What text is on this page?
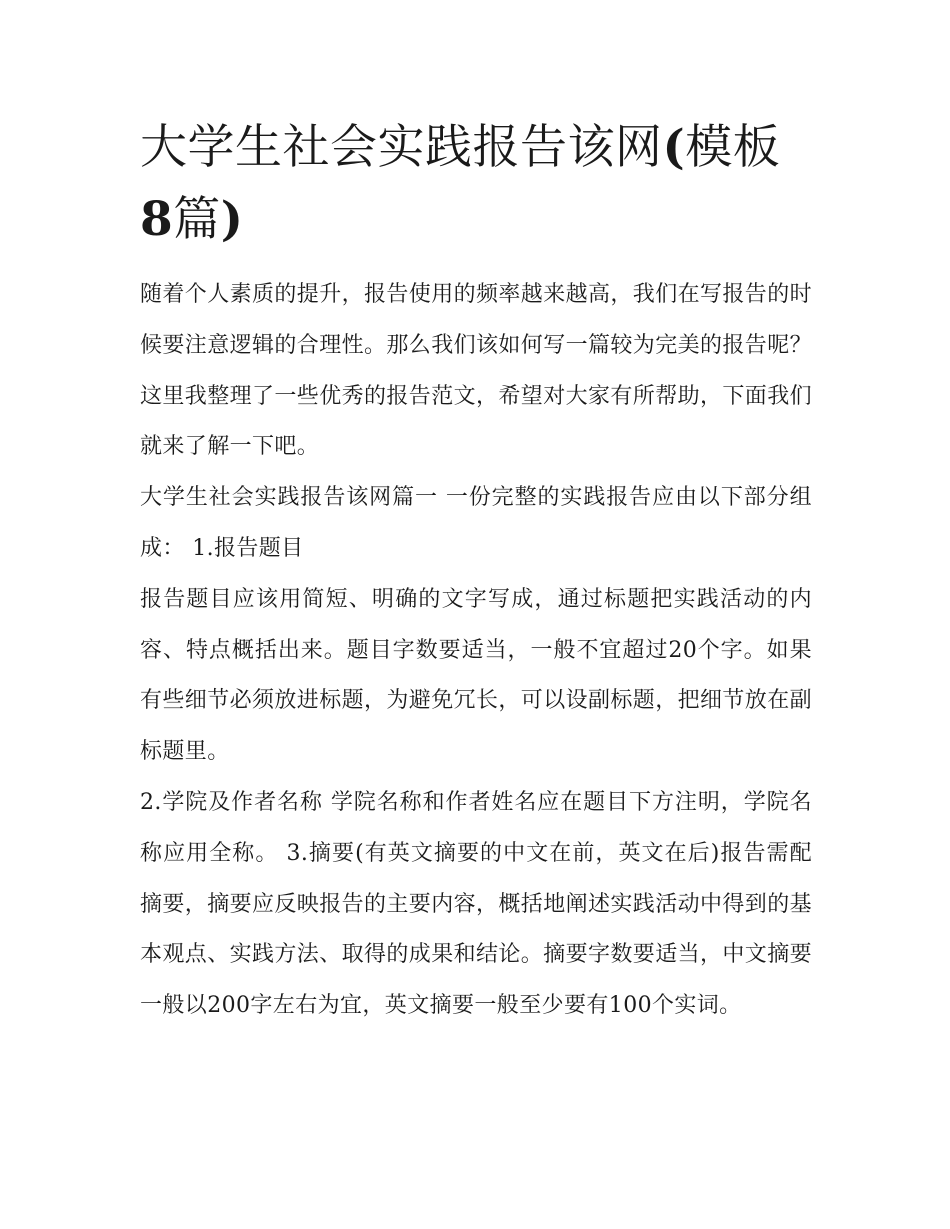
大学生社会实践报告该网(模板8篇)

随着个人素质的提升，报告使用的频率越来越高，我们在写报告的时候要注意逻辑的合理性。那么我们该如何写一篇较为完美的报告呢？这里我整理了一些优秀的报告范文，希望对大家有所帮助，下面我们就来了解一下吧。

大学生社会实践报告该网篇一 一份完整的实践报告应由以下部分组成： 1.报告题目

报告题目应该用简短、明确的文字写成，通过标题把实践活动的内容、特点概括出来。题目字数要适当，一般不宜超过20个字。如果有些细节必须放进标题，为避免冗长，可以设副标题，把细节放在副标题里。

2.学院及作者名称 学院名称和作者姓名应在题目下方注明，学院名称应用全称。 3.摘要(有英文摘要的中文在前，英文在后)报告需配摘要，摘要应反映报告的主要内容，概括地阐述实践活动中得到的基本观点、实践方法、取得的成果和结论。摘要字数要适当，中文摘要一般以200字左右为宜，英文摘要一般至少要有100个实词。
